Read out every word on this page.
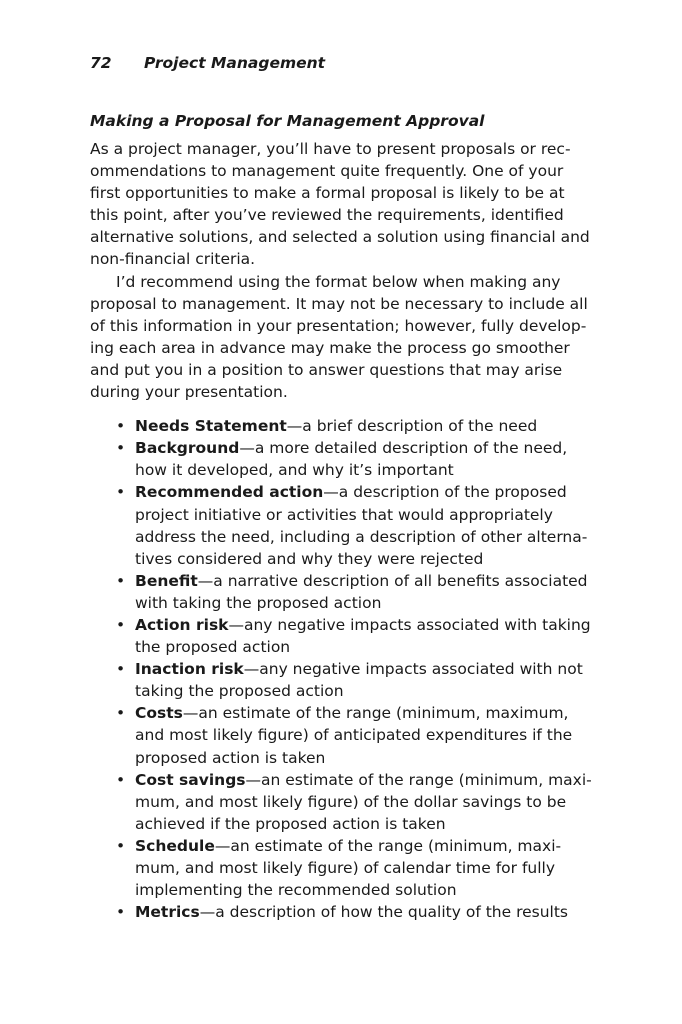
72 Project Management
Making a Proposal for Management Approval

As a project manager, you’ll have to present proposals or rec-
ommendations to management quite frequently. One of your
first opportunities to make a formal proposal is likely to be at
this point, after you’ve reviewed the requirements, identified
alternative solutions, and selected a solution using financial and
non-financial criteria.

I’d recommend using the format below when making any
proposal to management. It may not be necessary to include all
of this information in your presentation; however, fully develop-
ing each area in advance may make the process go smoother
and put you in a position to answer questions that may arise
during your presentation.

• Needs Statement—a brief description of the need
• Background—a more detailed description of the need,
how it developed, and why it’s important
• Recommended action—a description of the proposed
project initiative or activities that would appropriately
address the need, including a description of other alterna-
tives considered and why they were rejected
• Benefit—a narrative description of all benefits associated
with taking the proposed action
• Action risk—any negative impacts associated with taking
the proposed action
• Inaction risk—any negative impacts associated with not
taking the proposed action
• Costs—an estimate of the range (minimum, maximum,
and most likely figure) of anticipated expenditures if the
proposed action is taken
• Cost savings—an estimate of the range (minimum, maxi-
mum, and most likely figure) of the dollar savings to be
achieved if the proposed action is taken
• Schedule—an estimate of the range (minimum, maxi-
mum, and most likely figure) of calendar time for fully
implementing the recommended solution
• Metrics—a description of how the quality of the results
